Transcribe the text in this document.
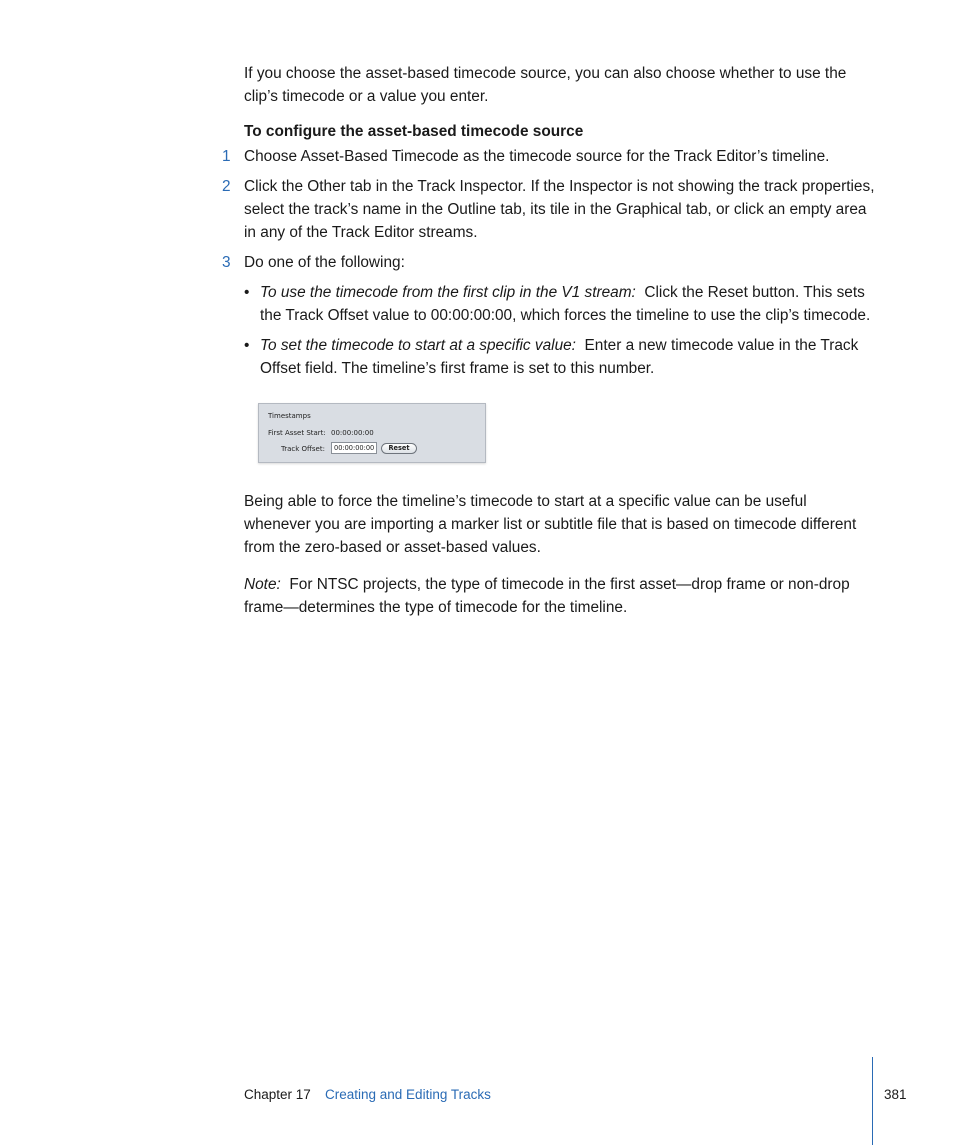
If you choose the asset-based timecode source, you can also choose whether to use the clip’s timecode or a value you enter.

To configure the asset-based timecode source

1 Choose Asset-Based Timecode as the timecode source for the Track Editor’s timeline.
2 Click the Other tab in the Track Inspector. If the Inspector is not showing the track properties, select the track’s name in the Outline tab, its tile in the Graphical tab, or click an empty area in any of the Track Editor streams.
3 Do one of the following:
• To use the timecode from the first clip in the V1 stream: Click the Reset button. This sets the Track Offset value to 00:00:00:00, which forces the timeline to use the clip’s timecode.
• To set the timecode to start at a specific value: Enter a new timecode value in the Track Offset field. The timeline’s first frame is set to this number.
Timestamps
First Asset Start: 00:00:00:00
Track Offset:	00:00:00:00	Reset

Being able to force the timeline’s timecode to start at a specific value can be useful whenever you are importing a marker list or subtitle file that is based on timecode different from the zero-based or asset-based values.

Note: For NTSC projects, the type of timecode in the first asset—drop frame or non-drop frame—determines the type of timecode for the timeline.

Chapter 17 Creating and Editing Tracks	381
